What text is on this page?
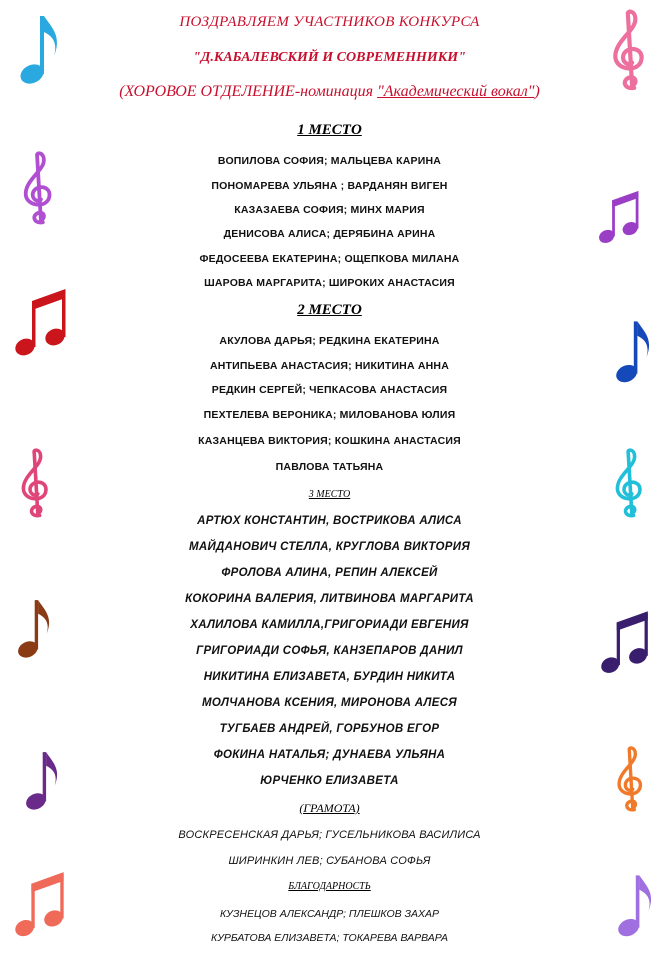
ПОЗДРАВЛЯЕМ УЧАСТНИКОВ КОНКУРСА
"Д.КАБАЛЕВСКИЙ И СОВРЕМЕННИКИ"
(ХОРОВОЕ ОТДЕЛЕНИЕ-номинация "Академический вокал")
1 МЕСТО
ВОПИЛОВА СОФИЯ; МАЛЬЦЕВА КАРИНА
ПОНОМАРЕВА УЛЬЯНА ; ВАРДАНЯН ВИГЕН
КАЗАЗАЕВА СОФИЯ; МИНХ МАРИЯ
ДЕНИСОВА АЛИСА; ДЕРЯБИНА АРИНА
ФЕДОСЕЕВА ЕКАТЕРИНА; ОЩЕПКОВА МИЛАНА
ШАРОВА МАРГАРИТА; ШИРОКИХ АНАСТАСИЯ
2 МЕСТО
АКУЛОВА ДАРЬЯ; РЕДКИНА ЕКАТЕРИНА
АНТИПЬЕВА АНАСТАСИЯ; НИКИТИНА АННА
РЕДКИН СЕРГЕЙ; ЧЕПКАСОВА АНАСТАСИЯ
ПЕХТЕЛЕВА ВЕРОНИКА; МИЛОВАНОВА ЮЛИЯ
КАЗАНЦЕВА ВИКТОРИЯ; КОШКИНА АНАСТАСИЯ
ПАВЛОВА ТАТЬЯНА
3 МЕСТО
АРТЮХ КОНСТАНТИН, ВОСТРИКОВА АЛИСА
МАЙДАНОВИЧ СТЕЛЛА, КРУГЛОВА ВИКТОРИЯ
ФРОЛОВА АЛИНА, РЕПИН АЛЕКСЕЙ
КОКОРИНА ВАЛЕРИЯ, ЛИТВИНОВА МАРГАРИТА
ХАЛИЛОВА КАМИЛЛА,ГРИГОРИАДИ ЕВГЕНИЯ
ГРИГОРИАДИ СОФЬЯ, КАНЗЕПАРОВ ДАНИЛ
НИКИТИНА ЕЛИЗАВЕТА, БУРДИН НИКИТА
МОЛЧАНОВА КСЕНИЯ, МИРОНОВА АЛЕСЯ
ТУГБАЕВ АНДРЕЙ, ГОРБУНОВ ЕГОР
ФОКИНА НАТАЛЬЯ; ДУНАЕВА УЛЬЯНА
ЮРЧЕНКО ЕЛИЗАВЕТА
(ГРАМОТА)
ВОСКРЕСЕНСКАЯ ДАРЬЯ; ГУСЕЛЬНИКОВА ВАСИЛИСА
ШИРИНКИН ЛЕВ; СУБАНОВА СОФЬЯ
БЛАГОДАРНОСТЬ
КУЗНЕЦОВ АЛЕКСАНДР; ПЛЕШКОВ ЗАХАР
КУРБАТОВА ЕЛИЗАВЕТА; ТОКАРЕВА ВАРВАРА
